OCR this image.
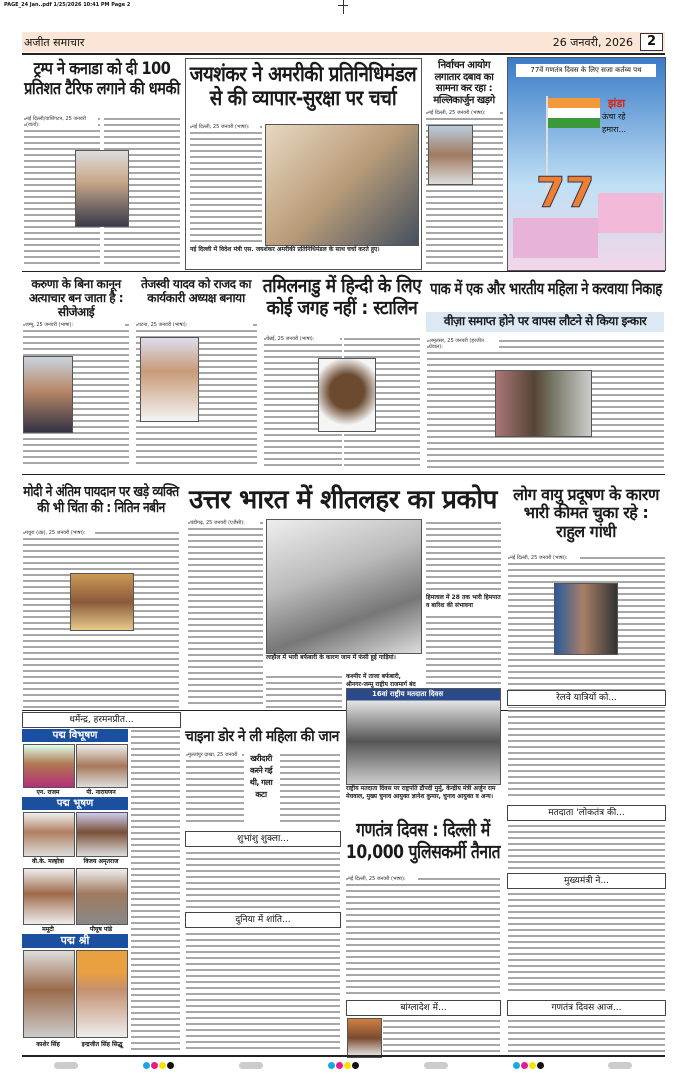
PAGE_24 Jan..pdf 1/25/2026 10:41 PM Page 2
अजीत समाचार	26 जनवरी, 2026	2
ट्रम्प ने कनाडा को दी 100 प्रतिशत टैरिफ लगाने की धमकी
नई दिल्ली/वाशिंगटन, 25 जनवरी (वार्ता):
जयशंकर ने अमरीकी प्रतिनिधिमंडल से की व्यापार-सुरक्षा पर चर्चा
नई दिल्ली, 25 जनवरी (भाषा):
नई दिल्ली में विदेश मंत्री एस. जयशंकर अमरीकी प्रतिनिधिमंडल के साथ चर्चा करते हुए।
निर्वाचन आयोग लगातार दबाव का सामना कर रहा : मल्लिकार्जुन खड़गे
नई दिल्ली, 25 जनवरी (भाषा):
77वें गणतंत्र दिवस के लिए सजा कर्तव्य पथ
झंडा
ऊंचा रहे
हमारा...
77
करुणा के बिना कानून अत्याचार बन जाता है : सीजेआई
जम्मू, 25 जनवरी (भाषा):
तेजस्वी यादव को राजद का कार्यकारी अध्यक्ष बनाया
पटना, 25 जनवरी (भाषा):
तमिलनाडु में हिन्दी के लिए कोई जगह नहीं : स्टालिन
चेन्नई, 25 जनवरी (भाषा):
पाक में एक और भारतीय महिला ने करवाया निकाह
वीज़ा समाप्त होने पर वापस लौटने से किया इन्कार
अमृतसर, 25 जनवरी (हरजीत ग्रेवाल):
मोदी ने अंतिम पायदान पर खड़े व्यक्ति की भी चिंता की : नितिन नबीन
मथुरा (उप्र), 25 जनवरी (भाषा):
उत्तर भारत में शीतलहर का प्रकोप
चंडीगढ़, 25 जनवरी (एजैंसी):
लाहौल में भारी बर्फबारी के कारण जाम में फंसी हुई गाड़ियां।
कश्मीर में ताजा बर्फबारी, श्रीनगर-जम्मू राष्ट्रीय राजमार्ग बंद
हिमाचल में 28 तक भारी हिमपात व बारिश की संभावना
लोग वायु प्रदूषण के कारण भारी कीमत चुका रहे : राहुल गांधी
नई दिल्ली, 25 जनवरी (भाषा):
धर्मेन्द्र, हरमनप्रीत...
पद्म विभूषण
एन. राजम	पी. नारायणन
पद्म भूषण
वी.के. मल्होत्रा	विजय अमृतराज
ममूटी	पीयूष पांडे
पद्म श्री
काशेर सिंह	इन्द्रजीत सिंह सिद्धू
चाइना डोर ने ली महिला की जान
मुल्लांपुर दाखा, 25 जनवरी	खरीदारी करने गई थी, गला कटा
शुभांशु शुक्ला...
दुनिया में शांति...
16वां राष्ट्रीय मतदाता दिवस
राष्ट्रीय मतदाता दिवस पर राष्ट्रपति द्रौपदी मुर्मु, केन्द्रीय मंत्री अर्जुन राम मेघवाल, मुख्य चुनाव आयुक्त ज्ञानेश कुमार, चुनाव आयुक्त व अन्य।
गणतंत्र दिवस : दिल्ली में 10,000 पुलिसकर्मी तैनात
नई दिल्ली, 25 जनवरी (भाषा):
बांग्लादेश में...
रेलवे यात्रियों को...
मतदाता 'लोकतंत्र की...
मुख्यमंत्री ने...
गणतंत्र दिवस आज...
